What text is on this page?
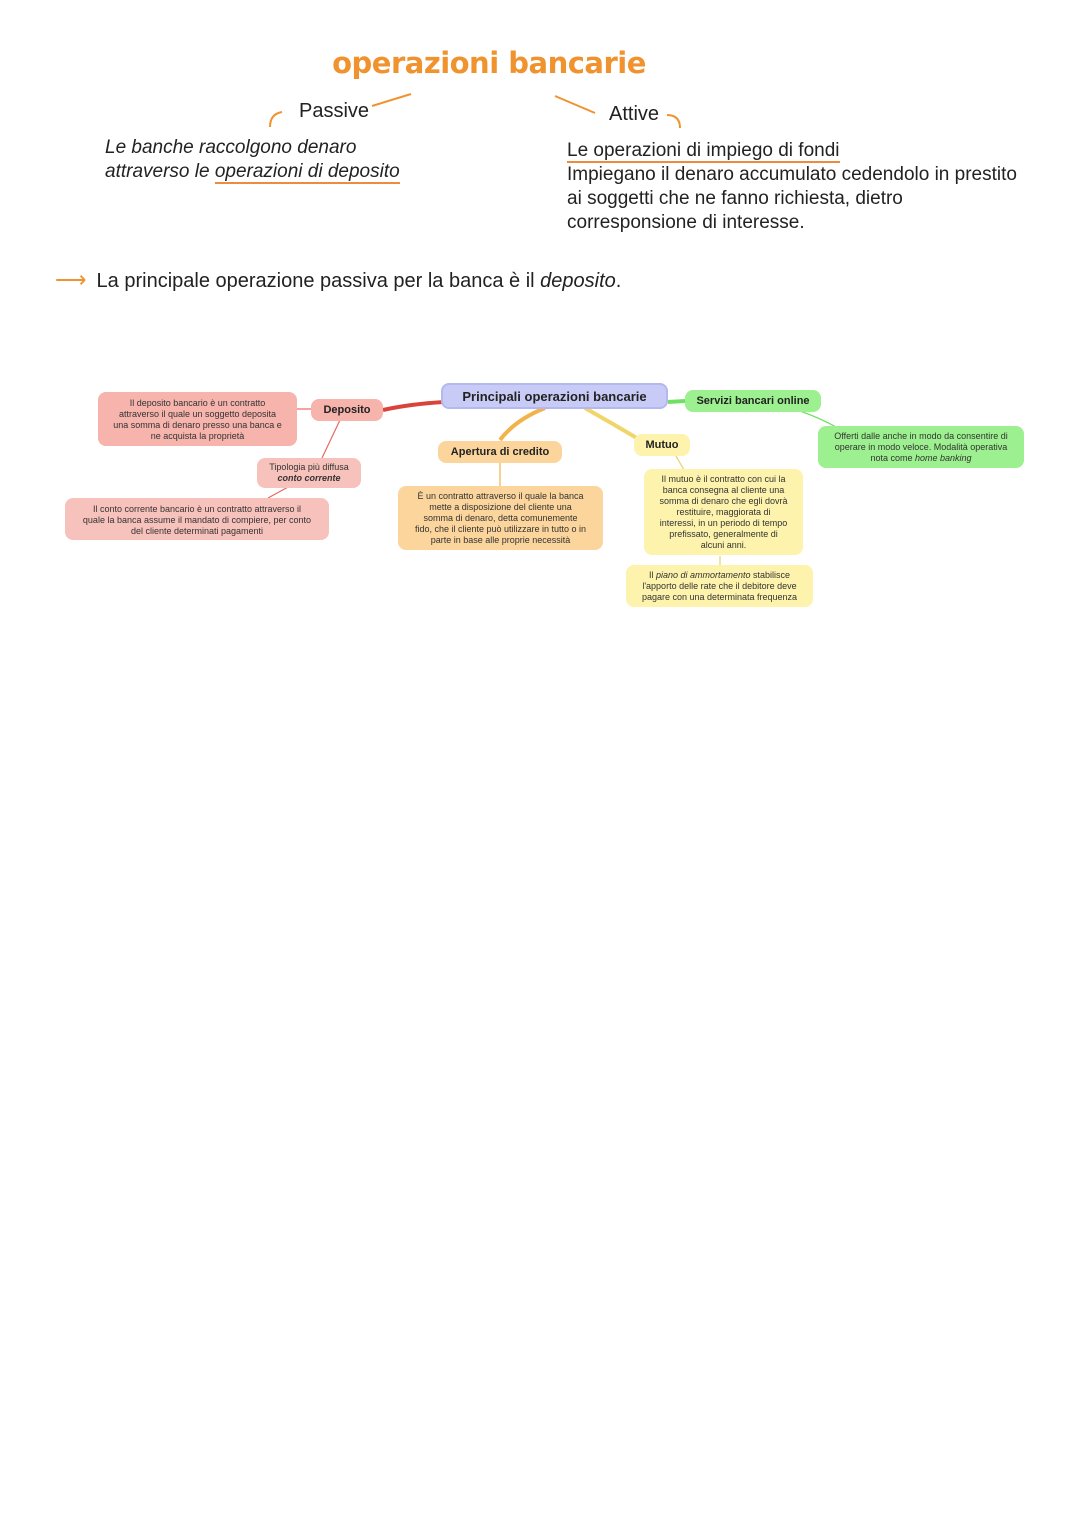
operazioni bancarie
Passive
Le banche raccolgono denaro
attraverso le operazioni di deposito
Attive
Le operazioni di impiego di fondi
Impiegano il denaro accumulato cedendolo in prestito
ai soggetti che ne fanno richiesta, dietro
corresponsione di interesse.
⟶ La principale operazione passiva per la banca è il deposito.
Principali operazioni bancarie
Deposito
Il deposito bancario è un contratto
attraverso il quale un soggetto deposita
una somma di denaro presso una banca e
ne acquista la proprietà
Tipologia più diffusa
conto corrente
Il conto corrente bancario è un contratto attraverso il
quale la banca assume il mandato di compiere, per conto
del cliente determinati pagamenti
Apertura di credito
È un contratto attraverso il quale la banca
mette a disposizione del cliente una
somma di denaro, detta comunemente
fido, che il cliente può utilizzare in tutto o in
parte in base alle proprie necessità
Mutuo
Il mutuo è il contratto con cui la
banca consegna al cliente una
somma di denaro che egli dovrà
restituire, maggiorata di
interessi, in un periodo di tempo
prefissato, generalmente di
alcuni anni.
Il piano di ammortamento stabilisce
l'apporto delle rate che il debitore deve
pagare con una determinata frequenza
Servizi bancari online
Offerti dalle anche in modo da consentire di
operare in modo veloce. Modalità operativa
nota come home banking
